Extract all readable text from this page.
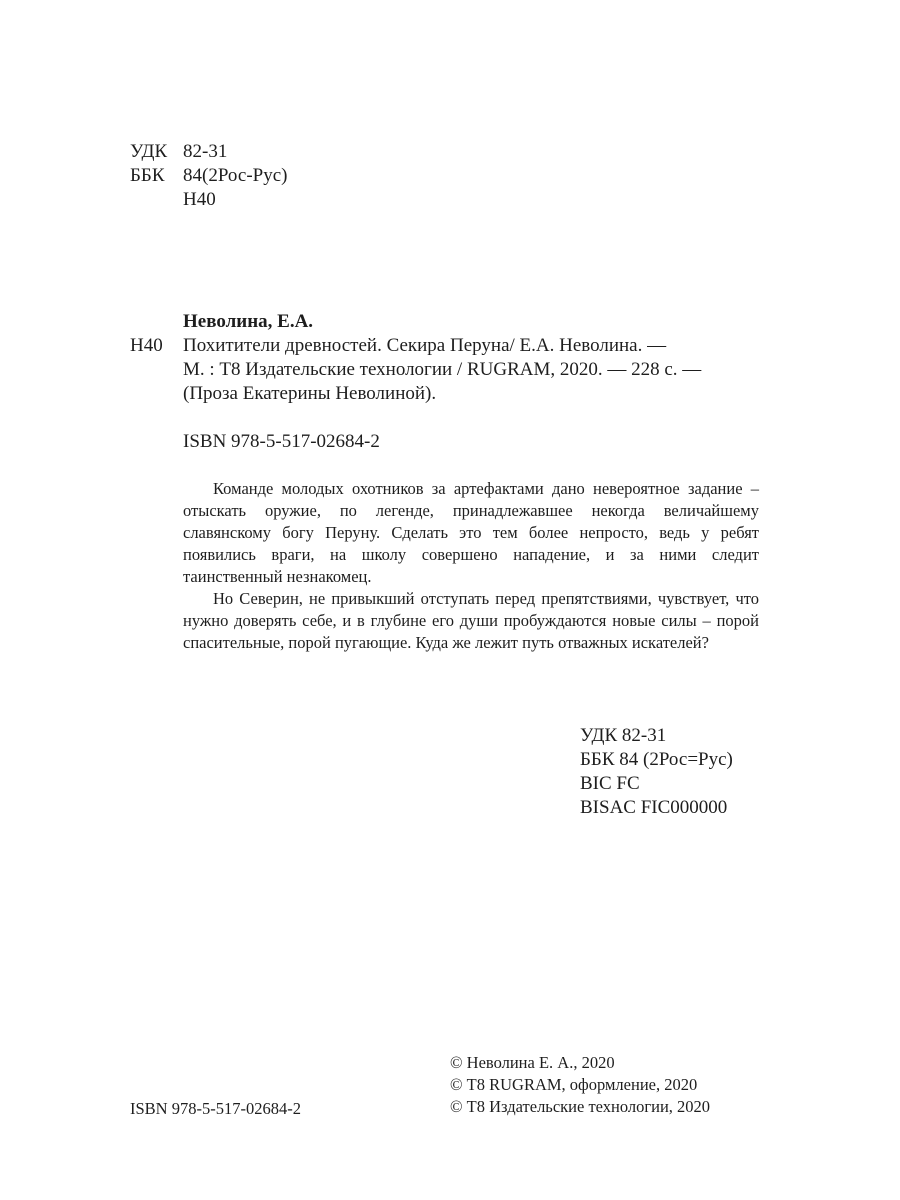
УДК 82-31
ББК 84(2Рос-Рус)
Н40
Неволина, Е.А.
Н40 Похитители древностей. Секира Перуна/ Е.А. Неволина. —
М. : Т8 Издательские технологии / RUGRAM, 2020. — 228 с. —
(Проза Екатерины Неволиной).
ISBN 978-5-517-02684-2

Команде молодых охотников за артефактами дано невероятное задание – отыскать оружие, по легенде, принадлежавшее некогда величайшему славянскому богу Перуну. Сделать это тем более непросто, ведь у ребят появились враги, на школу совершено нападение, и за ними следит таинственный незнакомец.

Но Северин, не привыкший отступать перед препятствиями, чувствует, что нужно доверять себе, и в глубине его души пробуждаются новые силы – порой спасительные, порой пугающие. Куда же лежит путь отважных искателей?

УДК 82-31
ББК 84 (2Рос=Рус)
BIC FC
BISAC FIC000000
ISBN 978-5-517-02684-2
© Неволина Е. А., 2020
© Т8 RUGRAM, оформление, 2020
© Т8 Издательские технологии, 2020
